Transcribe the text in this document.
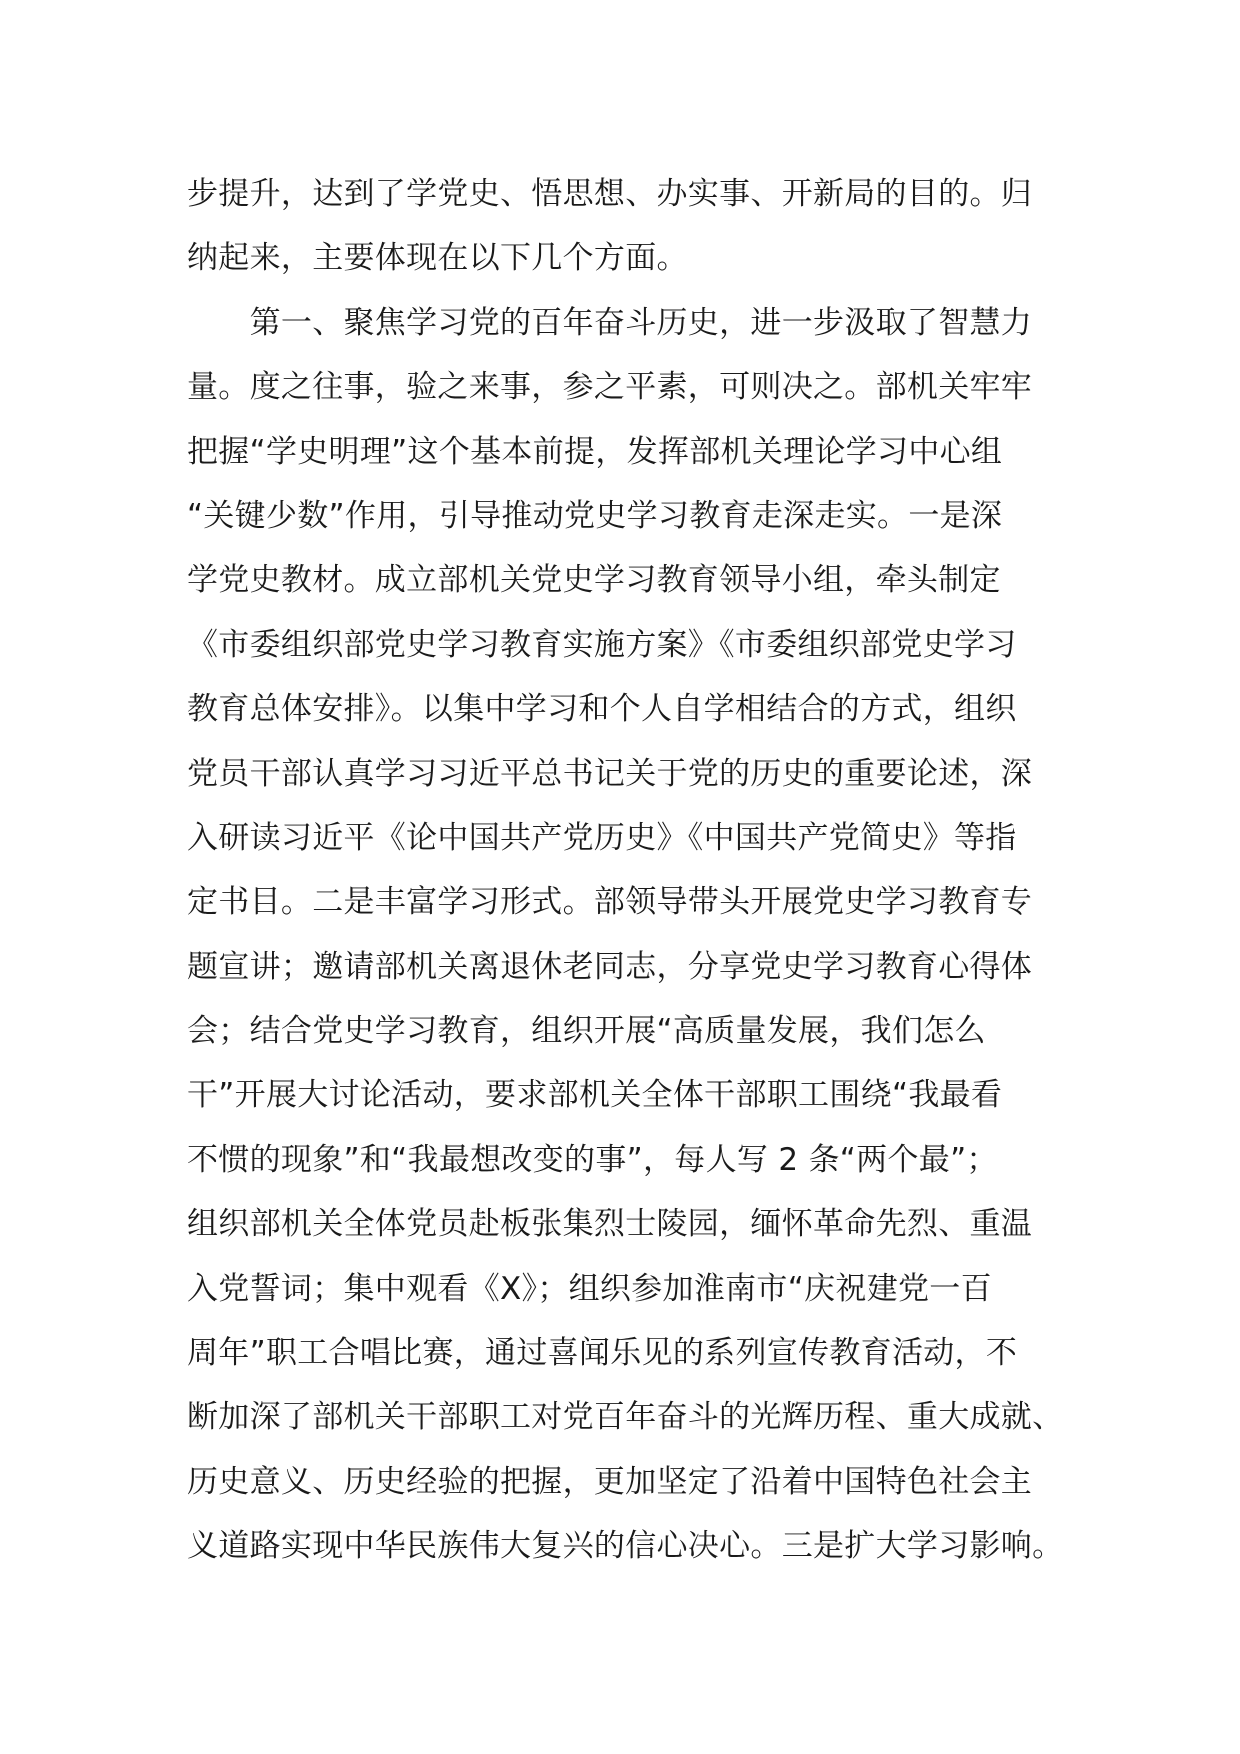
步提升，达到了学党史、悟思想、办实事、开新局的目的。归
纳起来，主要体现在以下几个方面。
　　第一、聚焦学习党的百年奋斗历史，进一步汲取了智慧力
量。度之往事，验之来事，参之平素，可则决之。部机关牢牢
把握“学史明理”这个基本前提，发挥部机关理论学习中心组
“关键少数”作用，引导推动党史学习教育走深走实。一是深
学党史教材。成立部机关党史学习教育领导小组，牵头制定
《市委组织部党史学习教育实施方案》《市委组织部党史学习
教育总体安排》。以集中学习和个人自学相结合的方式，组织
党员干部认真学习习近平总书记关于党的历史的重要论述，深
入研读习近平《论中国共产党历史》《中国共产党简史》等指
定书目。二是丰富学习形式。部领导带头开展党史学习教育专
题宣讲；邀请部机关离退休老同志，分享党史学习教育心得体
会；结合党史学习教育，组织开展“高质量发展，我们怎么
干”开展大讨论活动，要求部机关全体干部职工围绕“我最看
不惯的现象”和“我最想改变的事”，每人写 2 条“两个最”；
组织部机关全体党员赴板张集烈士陵园，缅怀革命先烈、重温
入党誓词；集中观看《X》；组织参加淮南市“庆祝建党一百
周年”职工合唱比赛，通过喜闻乐见的系列宣传教育活动，不
断加深了部机关干部职工对党百年奋斗的光辉历程、重大成就、
历史意义、历史经验的把握，更加坚定了沿着中国特色社会主
义道路实现中华民族伟大复兴的信心决心。三是扩大学习影响。
